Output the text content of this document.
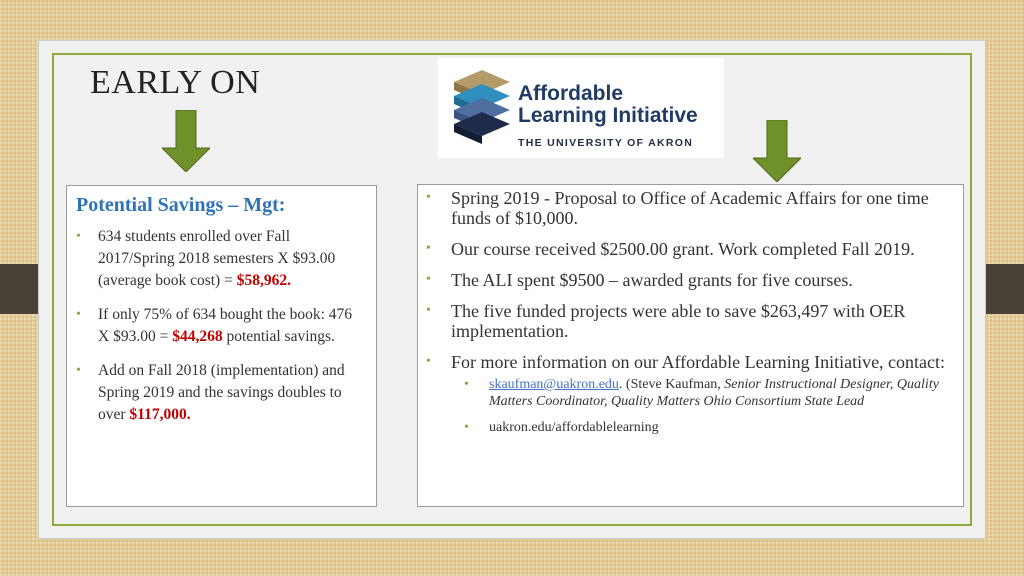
EARLY ON	Affordable
Learning Initiative
THE UNIVERSITY OF AKRON
Potential Savings – Mgt:
• 634 students enrolled over Fall 2017/Spring 2018 semesters X $93.00 (average book cost) = $58,962.
• If only 75% of 634 bought the book: 476 X $93.00 = $44,268 potential savings.
• Add on Fall 2018 (implementation) and Spring 2019 and the savings doubles to over $117,000.
• Spring 2019 - Proposal to Office of Academic Affairs for one time funds of $10,000.
• Our course received $2500.00 grant. Work completed Fall 2019.
• The ALI spent $9500 – awarded grants for five courses.
• The five funded projects were able to save $263,497 with OER implementation.
• For more information on our Affordable Learning Initiative, contact:
• skaufman@uakron.edu. (Steve Kaufman, Senior Instructional Designer, Quality Matters Coordinator, Quality Matters Ohio Consortium State Lead
• uakron.edu/affordablelearning
